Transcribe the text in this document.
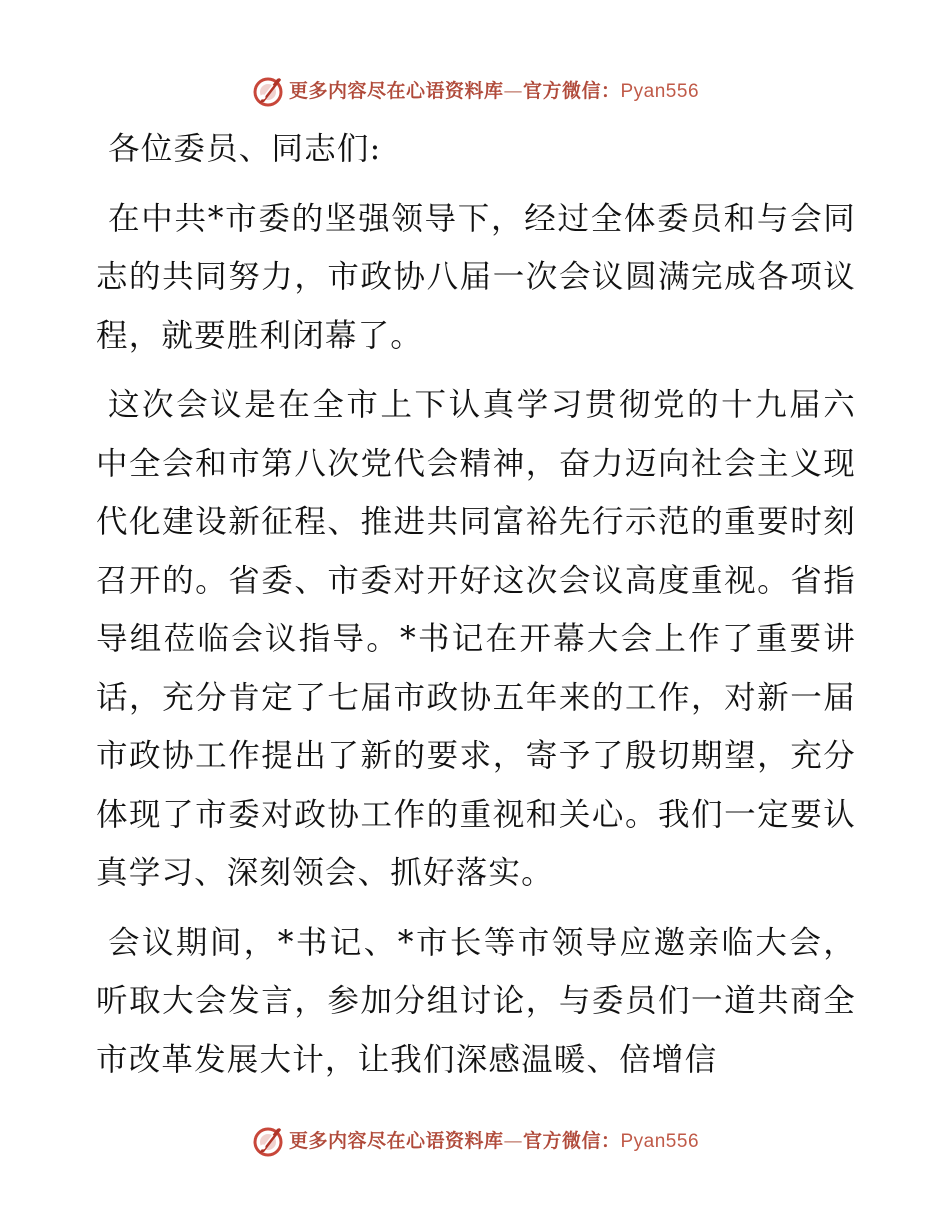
更多内容尽在心语资料库—官方微信：Pyan556

各位委员、同志们:

在中共*市委的坚强领导下，经过全体委员和与会同志的共同努力，市政协八届一次会议圆满完成各项议程，就要胜利闭幕了。

这次会议是在全市上下认真学习贯彻党的十九届六中全会和市第八次党代会精神，奋力迈向社会主义现代化建设新征程、推进共同富裕先行示范的重要时刻召开的。省委、市委对开好这次会议高度重视。省指导组莅临会议指导。*书记在开幕大会上作了重要讲话，充分肯定了七届市政协五年来的工作，对新一届市政协工作提出了新的要求，寄予了殷切期望，充分体现了市委对政协工作的重视和关心。我们一定要认真学习、深刻领会、抓好落实。

会议期间，*书记、*市长等市领导应邀亲临大会，听取大会发言，参加分组讨论，与委员们一道共商全市改革发展大计，让我们深感温暖、倍增信

更多内容尽在心语资料库—官方微信：Pyan556
